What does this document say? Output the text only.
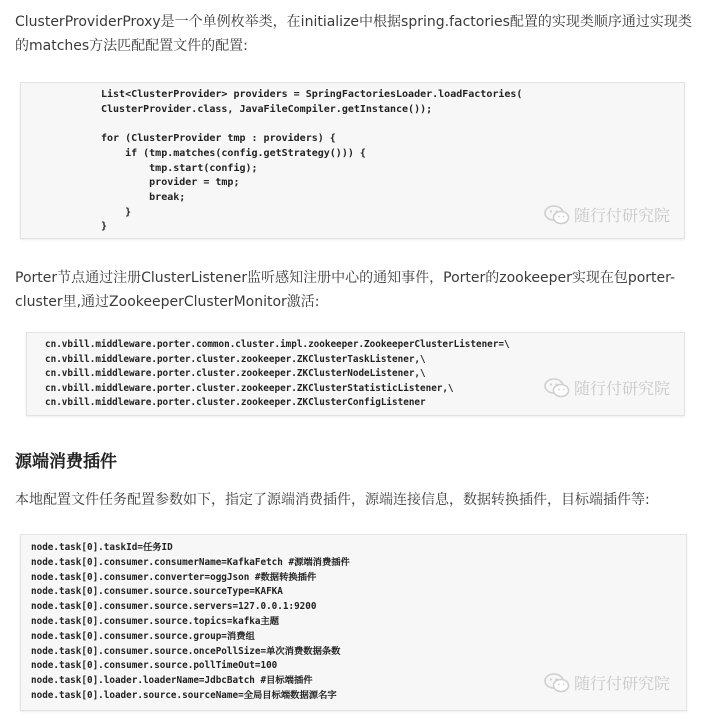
ClusterProviderProxy是一个单例枚举类，在initialize中根据spring.factories配置的实现类顺序通过实现类的matches方法匹配配置文件的配置:

List<ClusterProvider> providers = SpringFactoriesLoader.loadFactories(
ClusterProvider.class, JavaFileCompiler.getInstance());

for (ClusterProvider tmp : providers) {
if (tmp.matches(config.getStrategy())) {
tmp.start(config);
provider = tmp;
break;
}
}
随行付研究院

Porter节点通过注册ClusterListener监听感知注册中心的通知事件，Porter的zookeeper实现在包porter-cluster里,通过ZookeeperClusterMonitor激活:

cn.vbill.middleware.porter.common.cluster.impl.zookeeper.ZookeeperClusterListener=\
cn.vbill.middleware.porter.cluster.zookeeper.ZKClusterTaskListener,\
cn.vbill.middleware.porter.cluster.zookeeper.ZKClusterNodeListener,\
cn.vbill.middleware.porter.cluster.zookeeper.ZKClusterStatisticListener,\
cn.vbill.middleware.porter.cluster.zookeeper.ZKClusterConfigListener
随行付研究院
源端消费插件

本地配置文件任务配置参数如下，指定了源端消费插件，源端连接信息，数据转换插件，目标端插件等:

node.task[0].taskId=任务ID
node.task[0].consumer.consumerName=KafkaFetch #源端消费插件
node.task[0].consumer.converter=oggJson #数据转换插件
node.task[0].consumer.source.sourceType=KAFKA
node.task[0].consumer.source.servers=127.0.0.1:9200
node.task[0].consumer.source.topics=kafka主题
node.task[0].consumer.source.group=消费组
node.task[0].consumer.source.oncePollSize=单次消费数据条数
node.task[0].consumer.source.pollTimeOut=100
node.task[0].loader.loaderName=JdbcBatch #目标端插件
node.task[0].loader.source.sourceName=全局目标端数据源名字
随行付研究院
